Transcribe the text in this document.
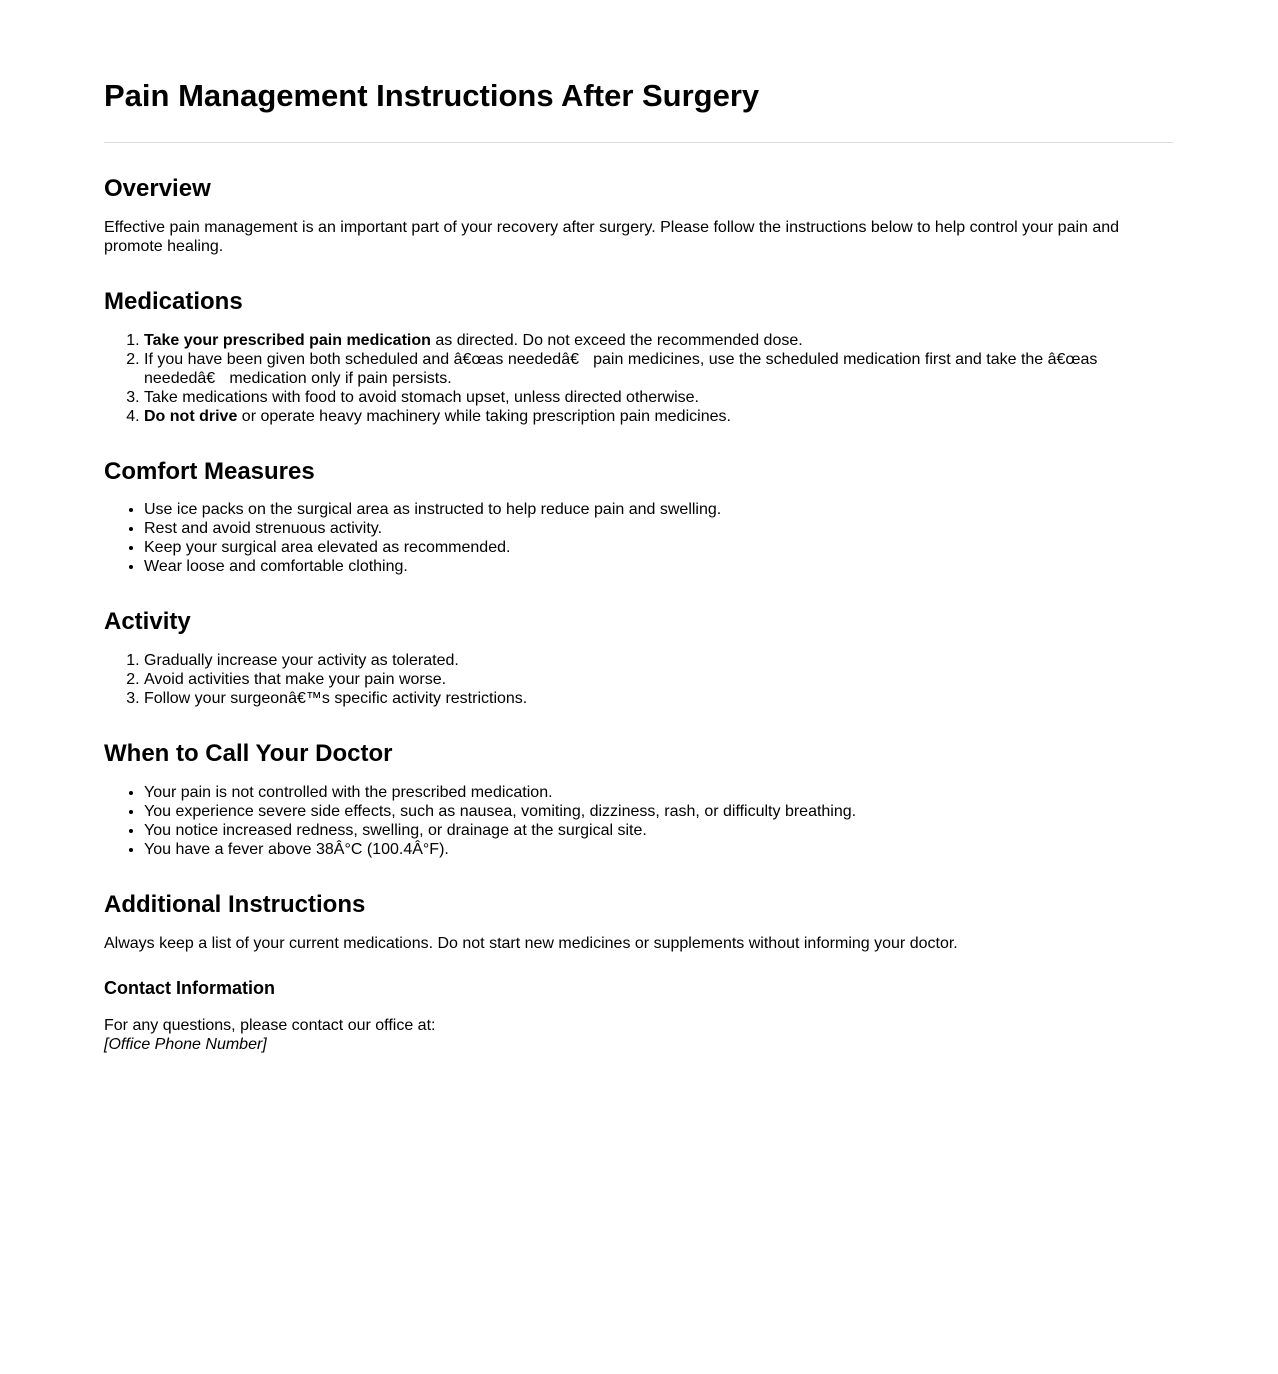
Pain Management Instructions After Surgery
Overview

Effective pain management is an important part of your recovery after surgery. Please follow the instructions below to help control your pain and promote healing.

Medications
1. Take your prescribed pain medication as directed. Do not exceed the recommended dose.
2. If you have been given both scheduled and â€œas neededâ€ pain medicines, use the scheduled medication first and take the â€œas neededâ€ medication only if pain persists.
3. Take medications with food to avoid stomach upset, unless directed otherwise.
4. Do not drive or operate heavy machinery while taking prescription pain medicines.
Comfort Measures
• Use ice packs on the surgical area as instructed to help reduce pain and swelling.
• Rest and avoid strenuous activity.
• Keep your surgical area elevated as recommended.
• Wear loose and comfortable clothing.
Activity
1. Gradually increase your activity as tolerated.
2. Avoid activities that make your pain worse.
3. Follow your surgeonâ€™s specific activity restrictions.
When to Call Your Doctor
• Your pain is not controlled with the prescribed medication.
• You experience severe side effects, such as nausea, vomiting, dizziness, rash, or difficulty breathing.
• You notice increased redness, swelling, or drainage at the surgical site.
• You have a fever above 38Â°C (100.4Â°F).
Additional Instructions

Always keep a list of your current medications. Do not start new medicines or supplements without informing your doctor.

Contact Information
For any questions, please contact our office at:
[Office Phone Number]
